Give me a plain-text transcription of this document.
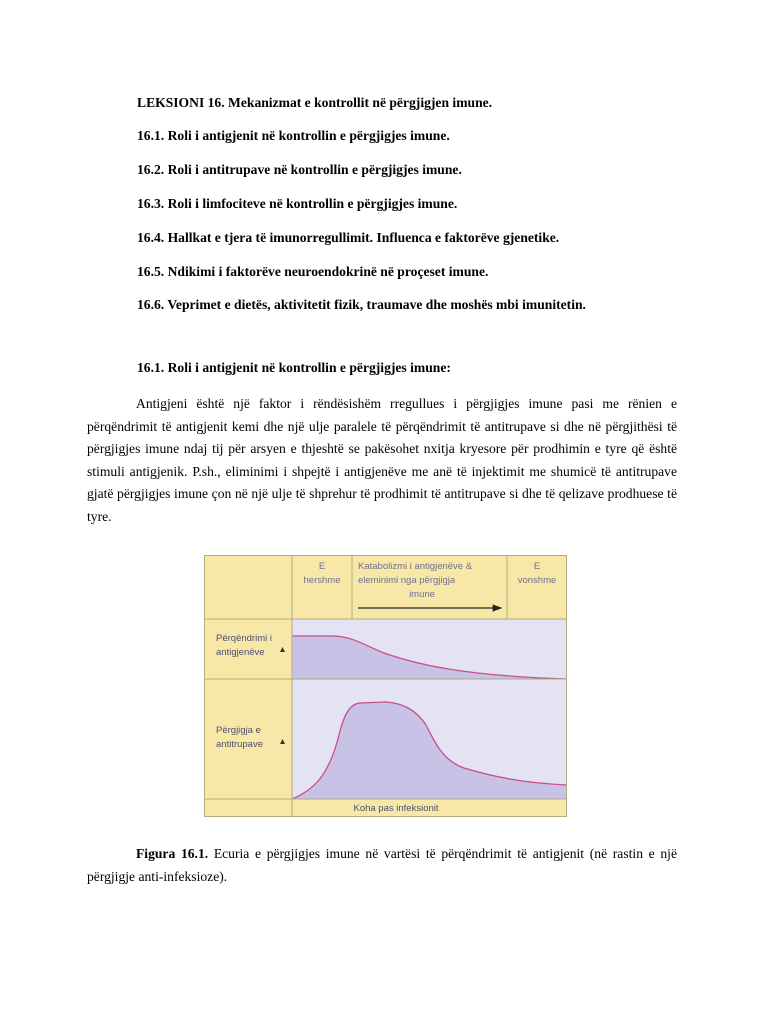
LEKSIONI 16. Mekanizmat e kontrollit në përgjigjen imune.
16.1. Roli i antigjenit në kontrollin e përgjigjes imune.
16.2. Roli i antitrupave në kontrollin e përgjigjes imune.
16.3. Roli i limfociteve në kontrollin e përgjigjes imune.
16.4. Hallkat e tjera të imunorregullimit. Influenca e faktorëve gjenetike.
16.5. Ndikimi i faktorëve neuroendokrinë në proçeset imune.
16.6. Veprimet e dietës, aktivitetit fizik, traumave dhe moshës mbi imunitetin.
16.1. Roli i antigjenit në kontrollin e përgjigjes imune:
Antigjeni është një faktor i rëndësishëm rregullues i përgjigjes imune pasi me rënien e përqëndrimit të antigjenit kemi dhe një ulje paralele të përqëndrimit të antitrupave si dhe në përgjithësi të përgjigjes imune ndaj tij për arsyen e thjeshtë se pakësohet nxitja kryesore për prodhimin e tyre që është stimuli antigjenik. P.sh., eliminimi i shpejtë i antigjenëve me anë të injektimit me shumicë të antitrupave gjatë përgjigjes imune çon në një ulje të shprehur të prodhimit të antitrupave si dhe të qelizave prodhuese të tyre.
E
hershme
Katabolizmi i antigjenëve &
eleminimi nga përgjigja
imune
E
vonshme
Përqëndrimi i
antigjenëve
Përgjigja e
antitrupave
Koha pas infeksionit
Figura 16.1. Ecuria e përgjigjes imune në vartësi të përqëndrimit të antigjenit (në rastin e një përgjigje anti-infeksioze).
